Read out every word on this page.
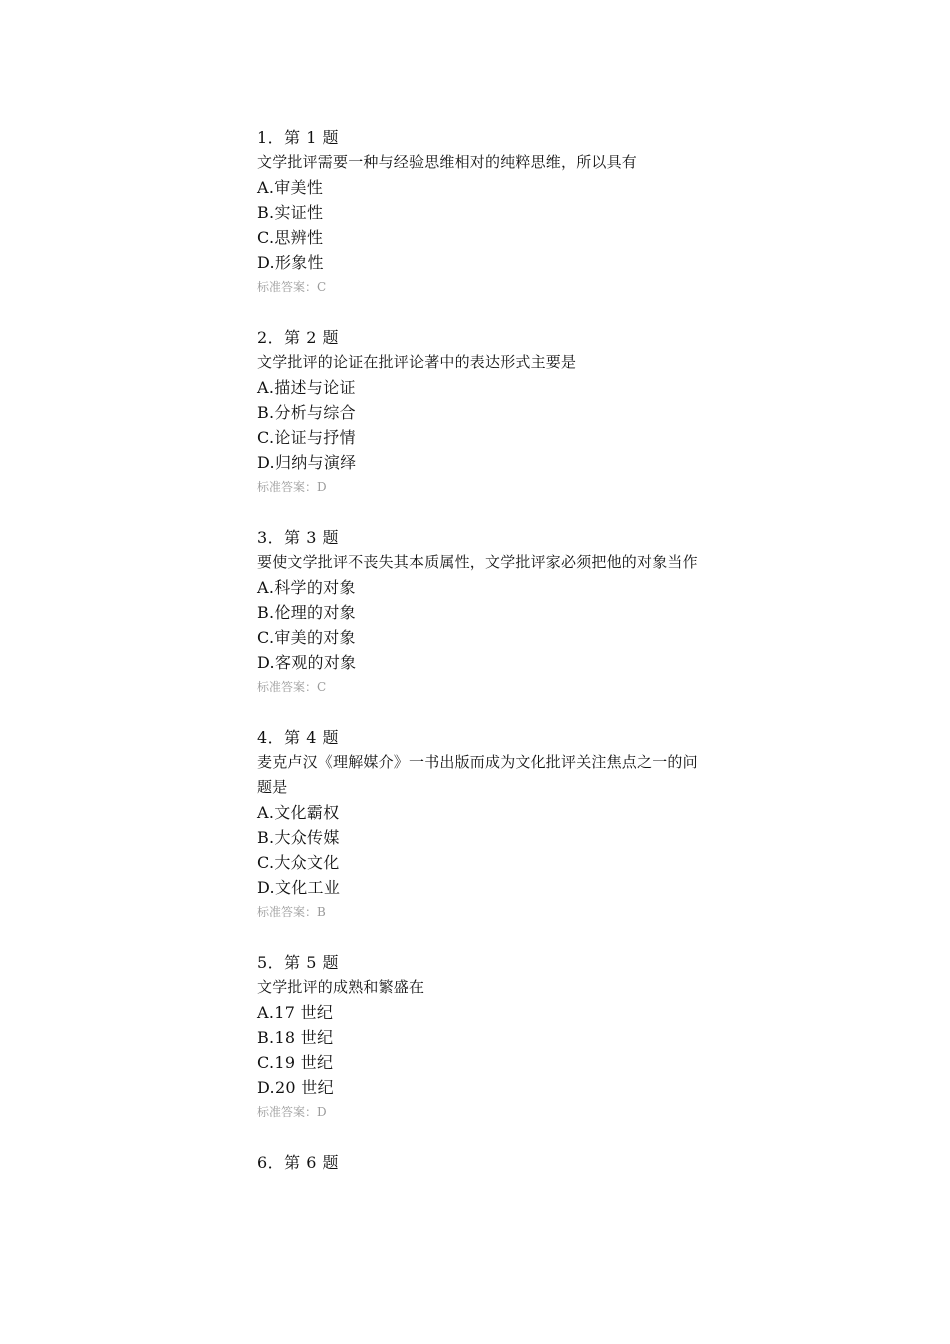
1．第 1 题
文学批评需要一种与经验思维相对的纯粹思维，所以具有
A.审美性
B.实证性
C.思辨性
D.形象性
标准答案：C
2．第 2 题
文学批评的论证在批评论著中的表达形式主要是
A.描述与论证
B.分析与综合
C.论证与抒情
D.归纳与演绎
标准答案：D
3．第 3 题
要使文学批评不丧失其本质属性，文学批评家必须把他的对象当作
A.科学的对象
B.伦理的对象
C.审美的对象
D.客观的对象
标准答案：C
4．第 4 题
麦克卢汉《理解媒介》一书出版而成为文化批评关注焦点之一的问题是
A.文化霸权
B.大众传媒
C.大众文化
D.文化工业
标准答案：B
5．第 5 题
文学批评的成熟和繁盛在
A.17 世纪
B.18 世纪
C.19 世纪
D.20 世纪
标准答案：D
6．第 6 题
